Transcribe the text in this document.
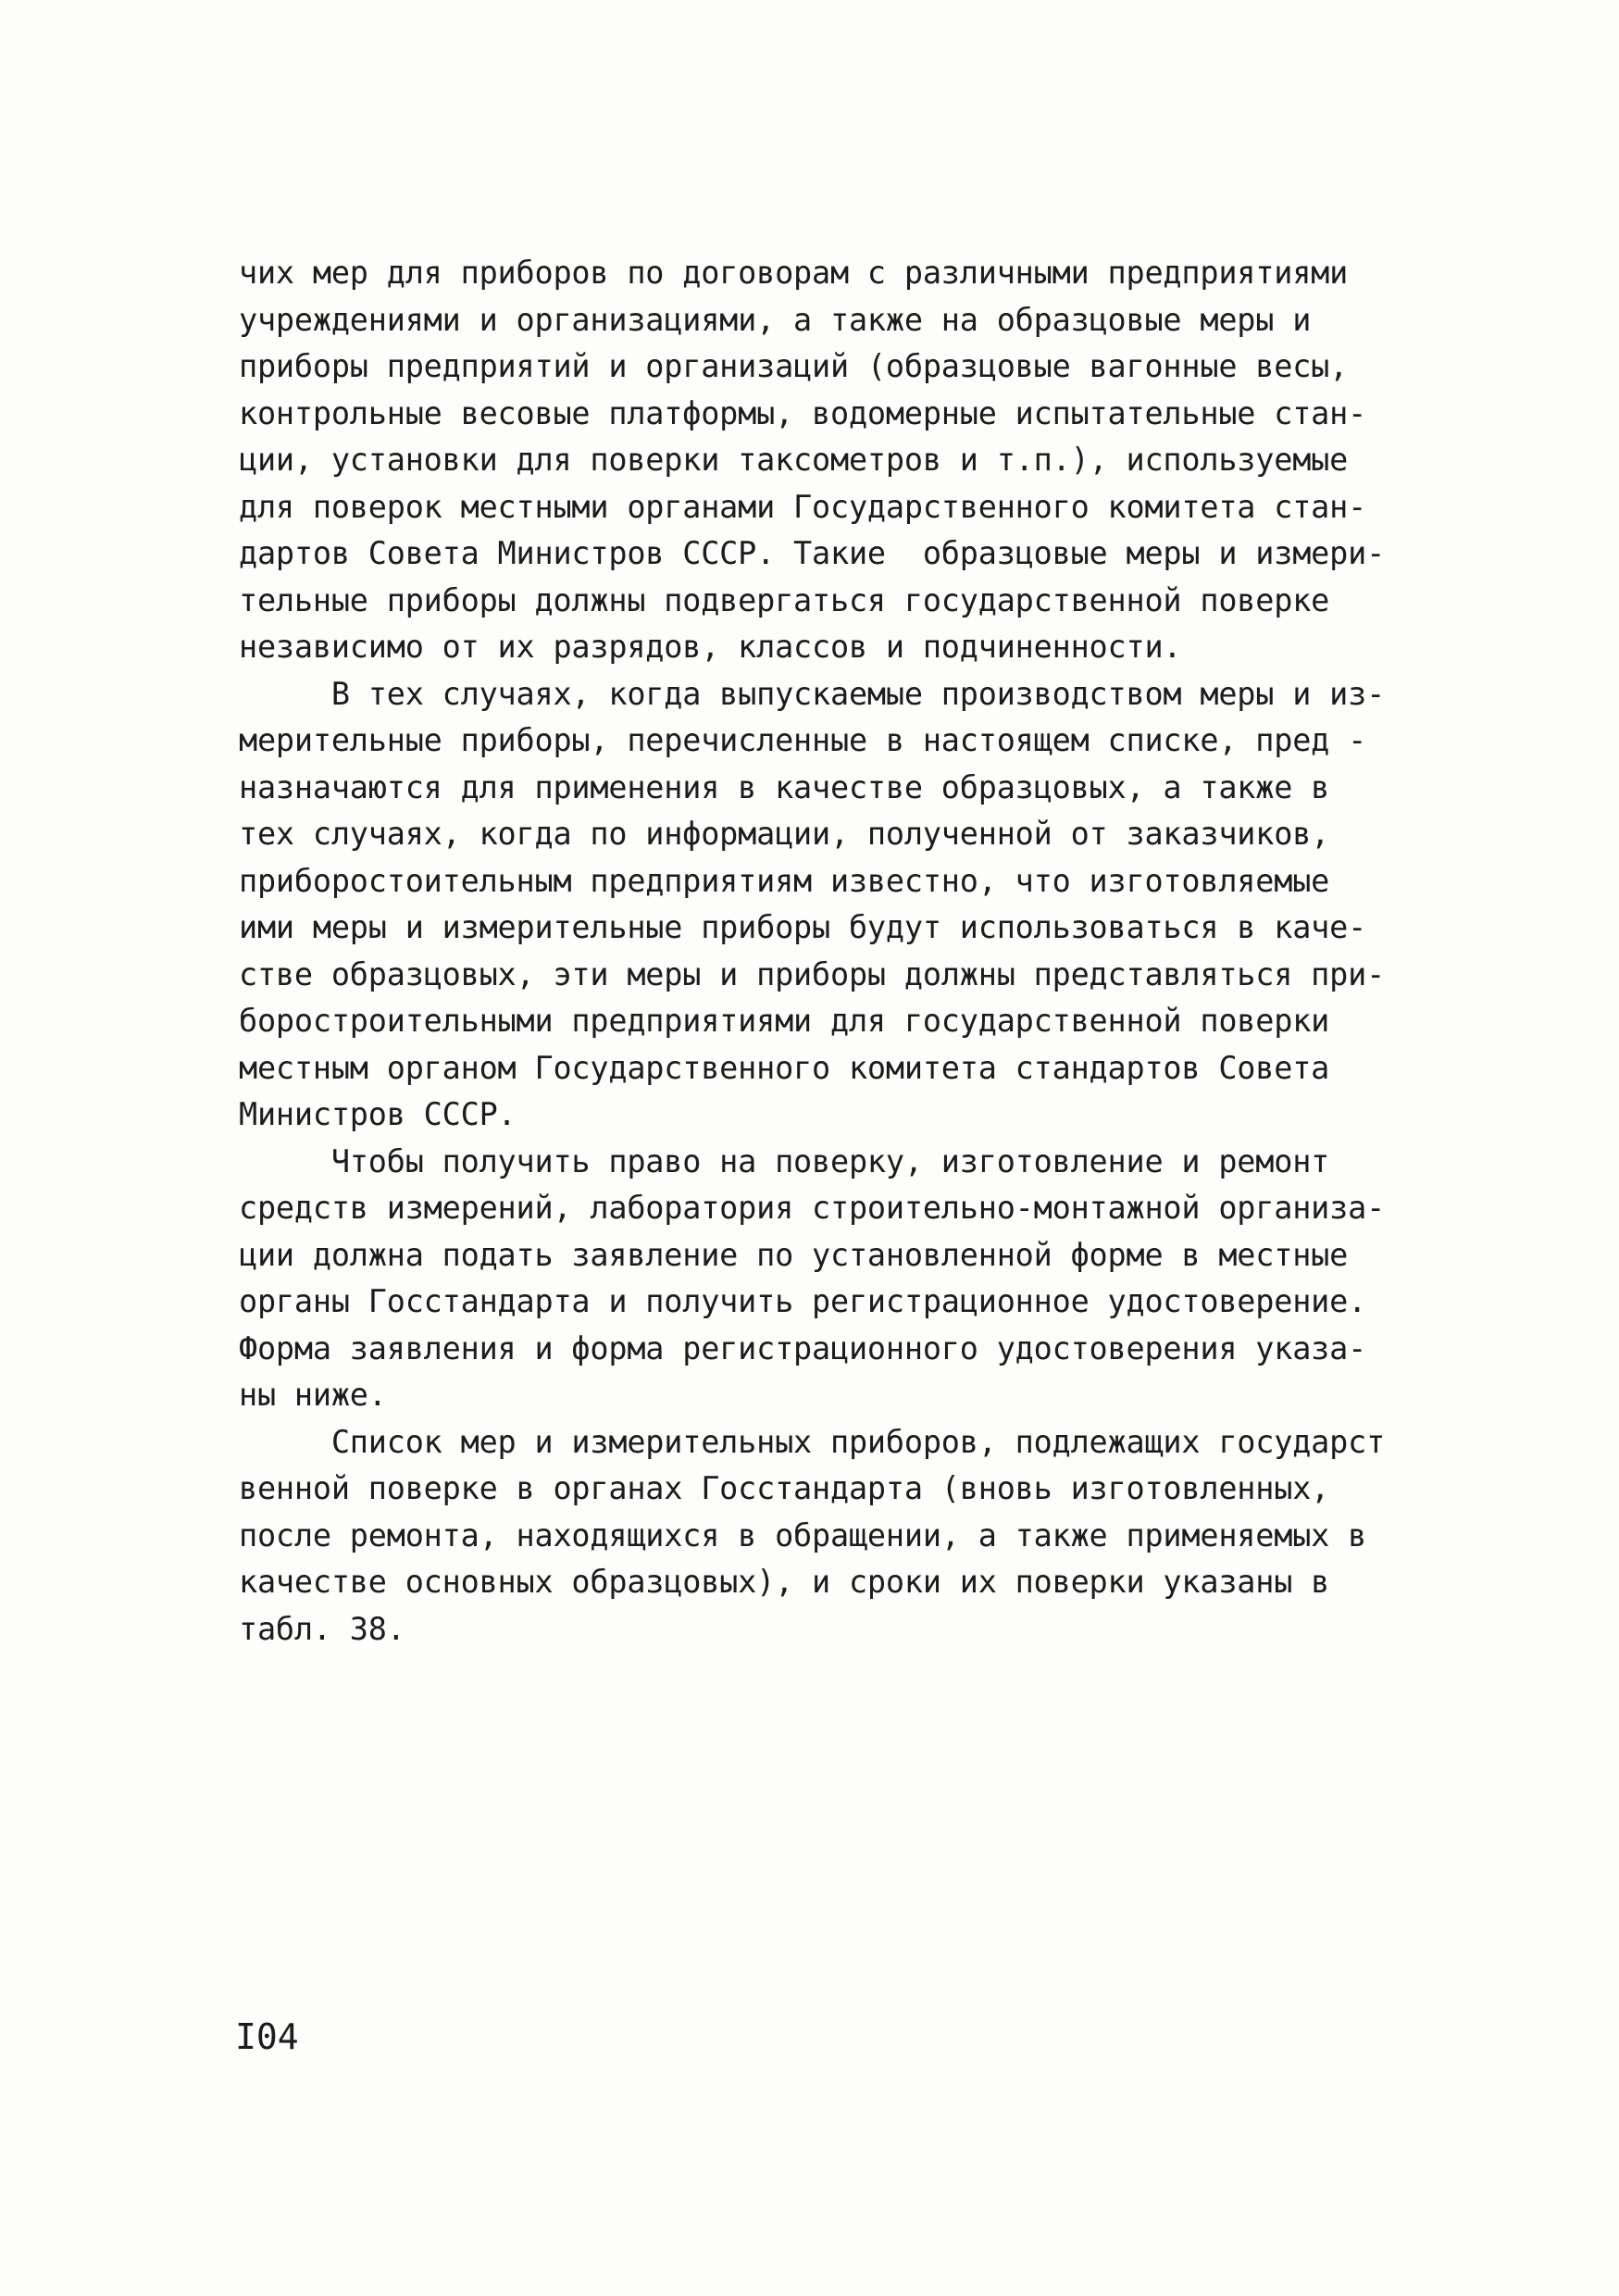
чих мер для приборов по договорам с различными предприятиями
учреждениями и организациями, а также на образцовые меры и
приборы предприятий и организаций (образцовые вагонные весы,
контрольные весовые платформы, водомерные испытательные стан-
ции, установки для поверки таксометров и т.п.), используемые
для поверок местными органами Государственного комитета стан-
дартов Совета Министров СССР. Такие  образцовые меры и измери-
тельные приборы должны подвергаться государственной поверке
независимо от их разрядов, классов и подчиненности.
В тех случаях, когда выпускаемые производством меры и из-
мерительные приборы, перечисленные в настоящем списке, пред -
назначаются для применения в качестве образцовых, а также в
тех случаях, когда по информации, полученной от заказчиков,
приборостоительным предприятиям известно, что изготовляемые
ими меры и измерительные приборы будут использоваться в каче-
стве образцовых, эти меры и приборы должны представляться при-
боростроительными предприятиями для государственной поверки
местным органом Государственного комитета стандартов Совета
Министров СССР.
Чтобы получить право на поверку, изготовление и ремонт
средств измерений, лаборатория строительно-монтажной организа-
ции должна подать заявление по установленной форме в местные
органы Госстандарта и получить регистрационное удостоверение.
Форма заявления и форма регистрационного удостоверения указа-
ны ниже.
Список мер и измерительных приборов, подлежащих государст
венной поверке в органах Госстандарта (вновь изготовленных,
после ремонта, находящихся в обращении, а также применяемых в
качестве основных образцовых), и сроки их поверки указаны в
табл. 38.
I04
